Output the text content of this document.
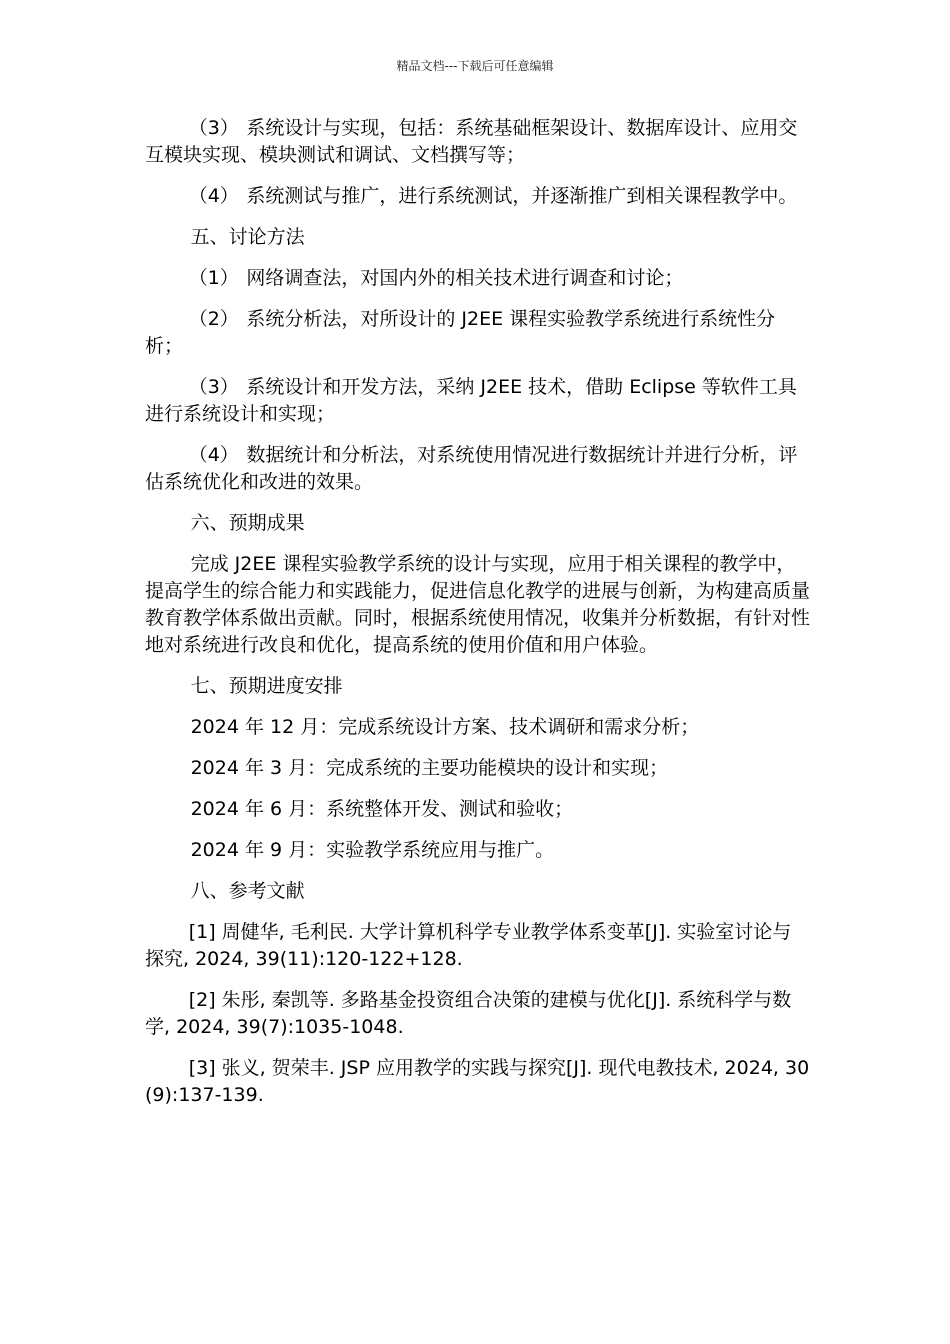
精品文档---下载后可任意编辑

（3） 系统设计与实现，包括：系统基础框架设计、数据库设计、应用交互模块实现、模块测试和调试、文档撰写等；

（4） 系统测试与推广，进行系统测试，并逐渐推广到相关课程教学中。

五、讨论方法

（1） 网络调查法，对国内外的相关技术进行调查和讨论；

（2） 系统分析法，对所设计的 J2EE 课程实验教学系统进行系统性分析；

（3） 系统设计和开发方法，采纳 J2EE 技术，借助 Eclipse 等软件工具进行系统设计和实现；

（4） 数据统计和分析法，对系统使用情况进行数据统计并进行分析，评估系统优化和改进的效果。

六、预期成果

完成 J2EE 课程实验教学系统的设计与实现，应用于相关课程的教学中，提高学生的综合能力和实践能力，促进信息化教学的进展与创新，为构建高质量教育教学体系做出贡献。同时，根据系统使用情况，收集并分析数据，有针对性地对系统进行改良和优化，提高系统的使用价值和用户体验。

七、预期进度安排

2024 年 12 月：完成系统设计方案、技术调研和需求分析；

2024 年 3 月：完成系统的主要功能模块的设计和实现；

2024 年 6 月：系统整体开发、测试和验收；

2024 年 9 月：实验教学系统应用与推广。

八、参考文献

[1] 周健华, 毛利民. 大学计算机科学专业教学体系变革[J]. 实验室讨论与探究, 2024, 39(11):120-122+128.

[2] 朱彤, 秦凯等. 多路基金投资组合决策的建模与优化[J]. 系统科学与数学, 2024, 39(7):1035-1048.

[3] 张义, 贺荣丰. JSP 应用教学的实践与探究[J]. 现代电教技术, 2024, 30(9):137-139.
